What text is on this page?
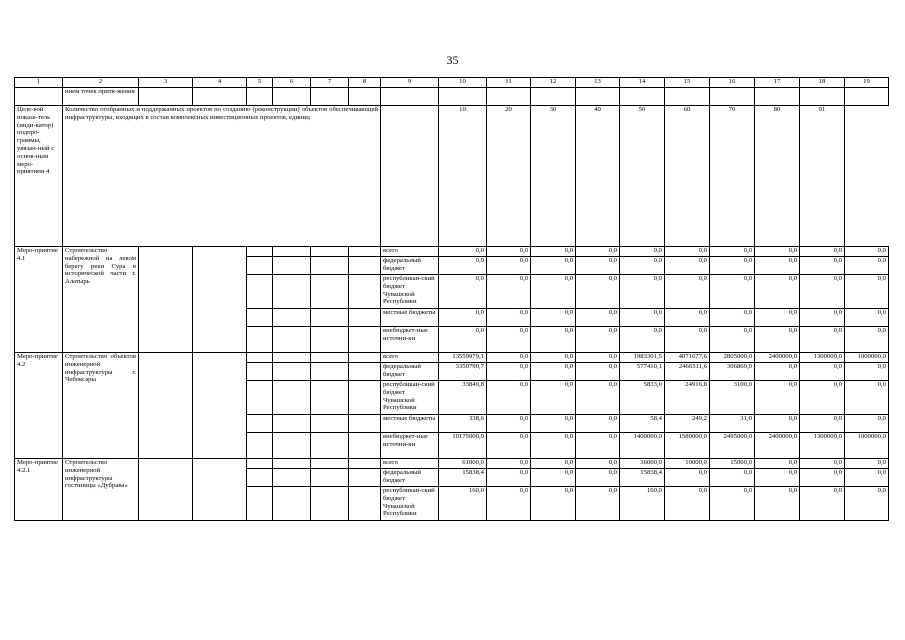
35
1	2	3	4	5	6	7	8	9	10	11	12	13	14	15	16	17	18	19
	нием точек притя-жения																	
Целе-вой показа-тель (инди-катор) подпро-граммы, увязан-ный с основ-ным меро-приятием 4	Количество отобранных и поддержанных проектов по созданию (реконструкции) объектов обеспечивающей инфраструктуры, входящих в состав комплексных инвестиционных проектов, единиц								10	20	30	40	50	60	70	80	91	
Меро-приятие 4.1	Строительство набережной на левом берегу реки Сура в исторической части г. Алатырь							всего	0,0	0,0	0,0	0,0	0,0	0,0	0,0	0,0	0,0	0,0
								федеральный бюджет	0,0	0,0	0,0	0,0	0,0	0,0	0,0	0,0	0,0	0,0
								республикан-ский бюджет Чувашской Республики	0,0	0,0	0,0	0,0	0,0	0,0	0,0	0,0	0,0	0,0
								местные бюджеты	0,0	0,0	0,0	0,0	0,0	0,0	0,0	0,0	0,0	0,0
								внебюджет-ные источни-ки	0,0	0,0	0,0	0,0	0,0	0,0	0,0	0,0	0,0	0,0
Меро-приятие 4.2	Строительство объектов инженерной инфраструктуры г. Чебоксары							всего	13559979,1	0,0	0,0	0,0	1983301,5	4071677,6	2805000,0	2400000,0	1300000,0	1000000,0
								федеральный бюджет	3350790,7	0,0	0,0	0,0	577410,1	2466511,6	306869,0	0,0	0,0	0,0
								республикан-ский бюджет Чувашской Республики	33849,8	0,0	0,0	0,0	5833,0	24916,8	3100,0	0,0	0,0	0,0
								местные бюджеты	338,6	0,0	0,0	0,0	58,4	249,2	31,0	0,0	0,0	0,0
								внебюджет-ные источни-ки	10175000,0	0,0	0,0	0,0	1400000,0	1580000,0	2495000,0	2400000,0	1300000,0	1000000,0
Меро-приятие 4.2.1	Строительство инженерной инфраструктуры гостиницы «Дубрава»							всего	61000,0	0,0	0,0	0,0	36000,0	10000,0	15000,0	0,0	0,0	0,0
								федеральный бюджет	15838,4	0,0	0,0	0,0	15838,4	0,0	0,0	0,0	0,0	0,0
								республикан-ский бюджет Чувашской Республики	160,0	0,0	0,0	0,0	160,0	0,0	0,0	0,0	0,0	0,0
